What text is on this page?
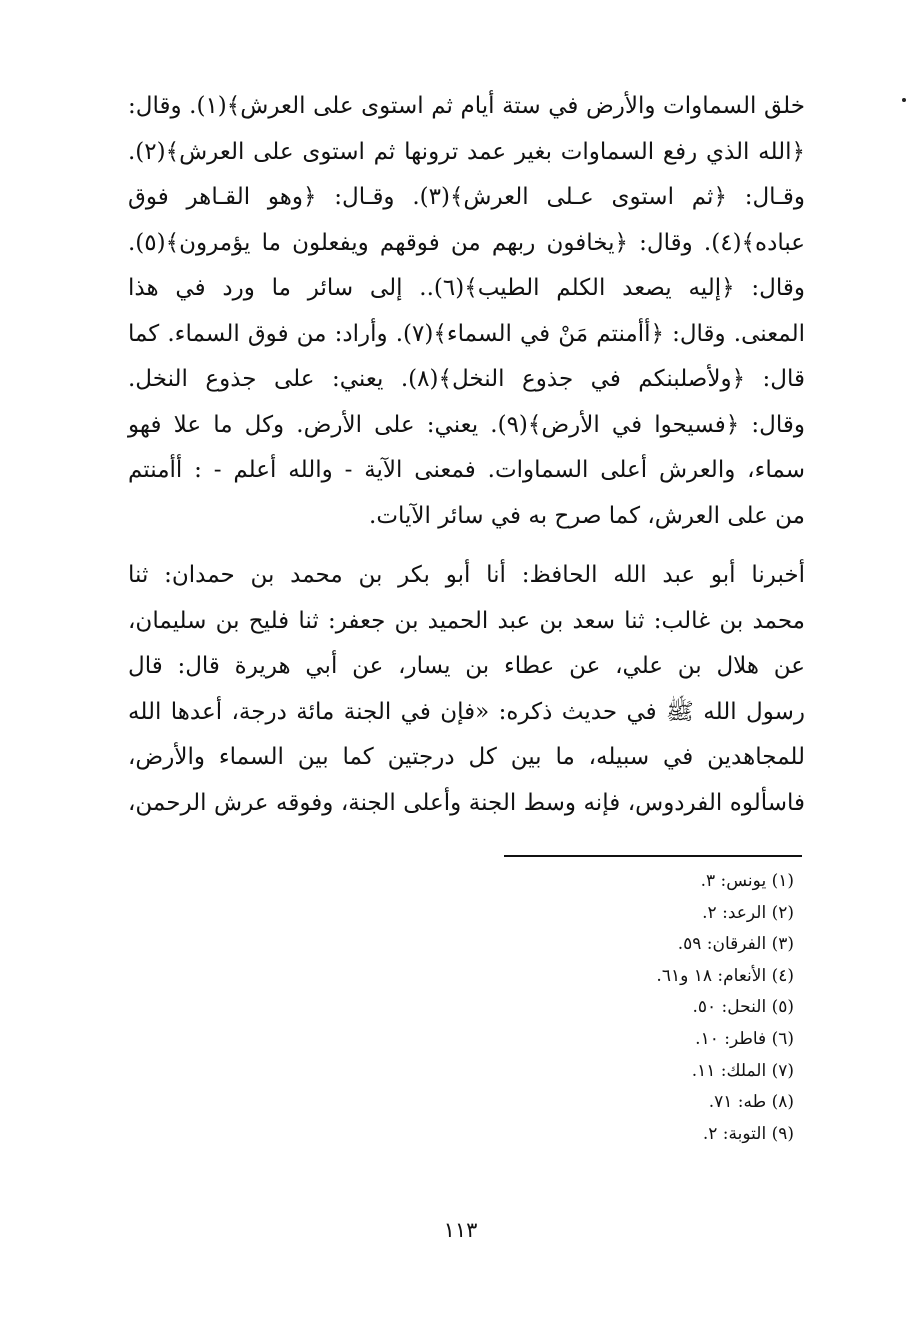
خلق السماوات والأرض في ستة أيام ثم استوى على العرش﴾(١). وقال:
﴿الله الذي رفع السماوات بغير عمد ترونها ثم استوى على العرش﴾(٢).
وقـال: ﴿ثم استوى عـلى العرش﴾(٣). وقـال: ﴿وهو القـاهر فوق
عباده﴾(٤). وقال: ﴿يخافون ربهم من فوقهم ويفعلون ما يؤمرون﴾(٥).
وقال: ﴿إليه يصعد الكلم الطيب﴾(٦).. إلى سائر ما ورد في هذا
المعنى. وقال: ﴿أأمنتم مَنْ في السماء﴾(٧). وأراد: من فوق السماء. كما
قال: ﴿ولأصلبنكم في جذوع النخل﴾(٨). يعني: على جذوع النخل.
وقال: ﴿فسيحوا في الأرض﴾(٩). يعني: على الأرض. وكل ما علا فهو
سماء، والعرش أعلى السماوات. فمعنى الآية - والله أعلم - : أأمنتم
من على العرش، كما صرح به في سائر الآيات.
أخبرنا أبو عبد الله الحافظ: أنا أبو بكر بن محمد بن حمدان: ثنا
محمد بن غالب: ثنا سعد بن عبد الحميد بن جعفر: ثنا فليح بن سليمان،
عن هلال بن علي، عن عطاء بن يسار، عن أبي هريرة قال: قال
رسول الله ﷺ في حديث ذكره: «فإن في الجنة مائة درجة، أعدها الله
للمجاهدين في سبيله، ما بين كل درجتين كما بين السماء والأرض،
فاسألوه الفردوس، فإنه وسط الجنة وأعلى الجنة، وفوقه عرش الرحمن،
(١) يونس: ٣.
(٢) الرعد: ٢.
(٣) الفرقان: ٥٩.
(٤) الأنعام: ١٨ و٦١.
(٥) النحل: ٥٠.
(٦) فاطر: ١٠.
(٧) الملك: ١١.
(٨) طه: ٧١.
(٩) التوبة: ٢.
١١٣
